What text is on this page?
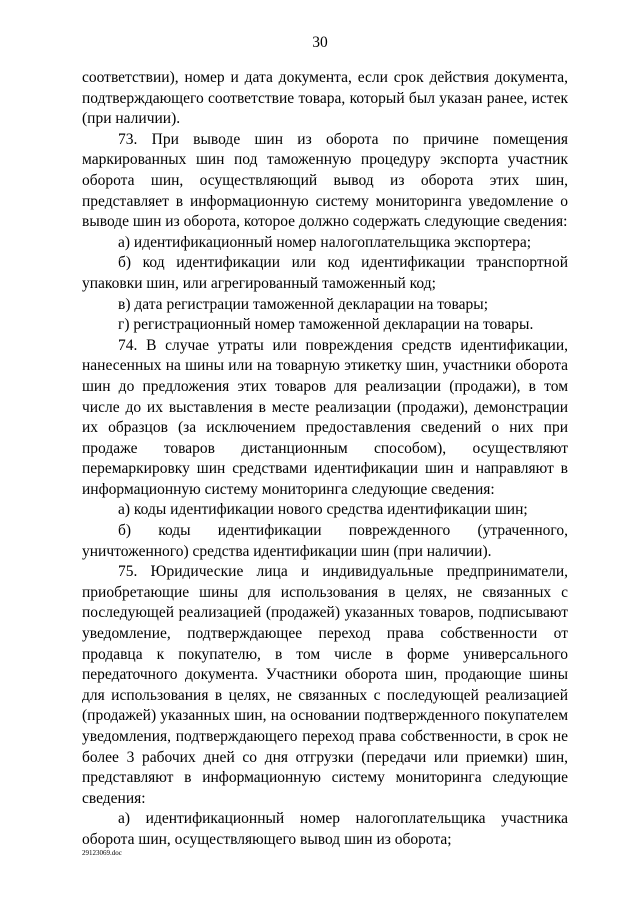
30

соответствии), номер и дата документа, если срок действия документа, подтверждающего соответствие товара, который был указан ранее, истек (при наличии).

73. При выводе шин из оборота по причине помещения маркированных шин под таможенную процедуру экспорта участник оборота шин, осуществляющий вывод из оборота этих шин, представляет в информационную систему мониторинга уведомление о выводе шин из оборота, которое должно содержать следующие сведения:

а) идентификационный номер налогоплательщика экспортера;

б) код идентификации или код идентификации транспортной упаковки шин, или агрегированный таможенный код;

в) дата регистрации таможенной декларации на товары;

г) регистрационный номер таможенной декларации на товары.

74. В случае утраты или повреждения средств идентификации, нанесенных на шины или на товарную этикетку шин, участники оборота шин до предложения этих товаров для реализации (продажи), в том числе до их выставления в месте реализации (продажи), демонстрации их образцов (за исключением предоставления сведений о них при продаже товаров дистанционным способом), осуществляют перемаркировку шин средствами идентификации шин и направляют в информационную систему мониторинга следующие сведения:

а) коды идентификации нового средства идентификации шин;

б) коды идентификации поврежденного (утраченного, уничтоженного) средства идентификации шин (при наличии).

75. Юридические лица и индивидуальные предприниматели, приобретающие шины для использования в целях, не связанных с последующей реализацией (продажей) указанных товаров, подписывают уведомление, подтверждающее переход права собственности от продавца к покупателю, в том числе в форме универсального передаточного документа. Участники оборота шин, продающие шины для использования в целях, не связанных с последующей реализацией (продажей) указанных шин, на основании подтвержденного покупателем уведомления, подтверждающего переход права собственности, в срок не более 3 рабочих дней со дня отгрузки (передачи или приемки) шин, представляют в информационную систему мониторинга следующие сведения:

а) идентификационный номер налогоплательщика участника оборота шин, осуществляющего вывод шин из оборота;

29123069.doc
